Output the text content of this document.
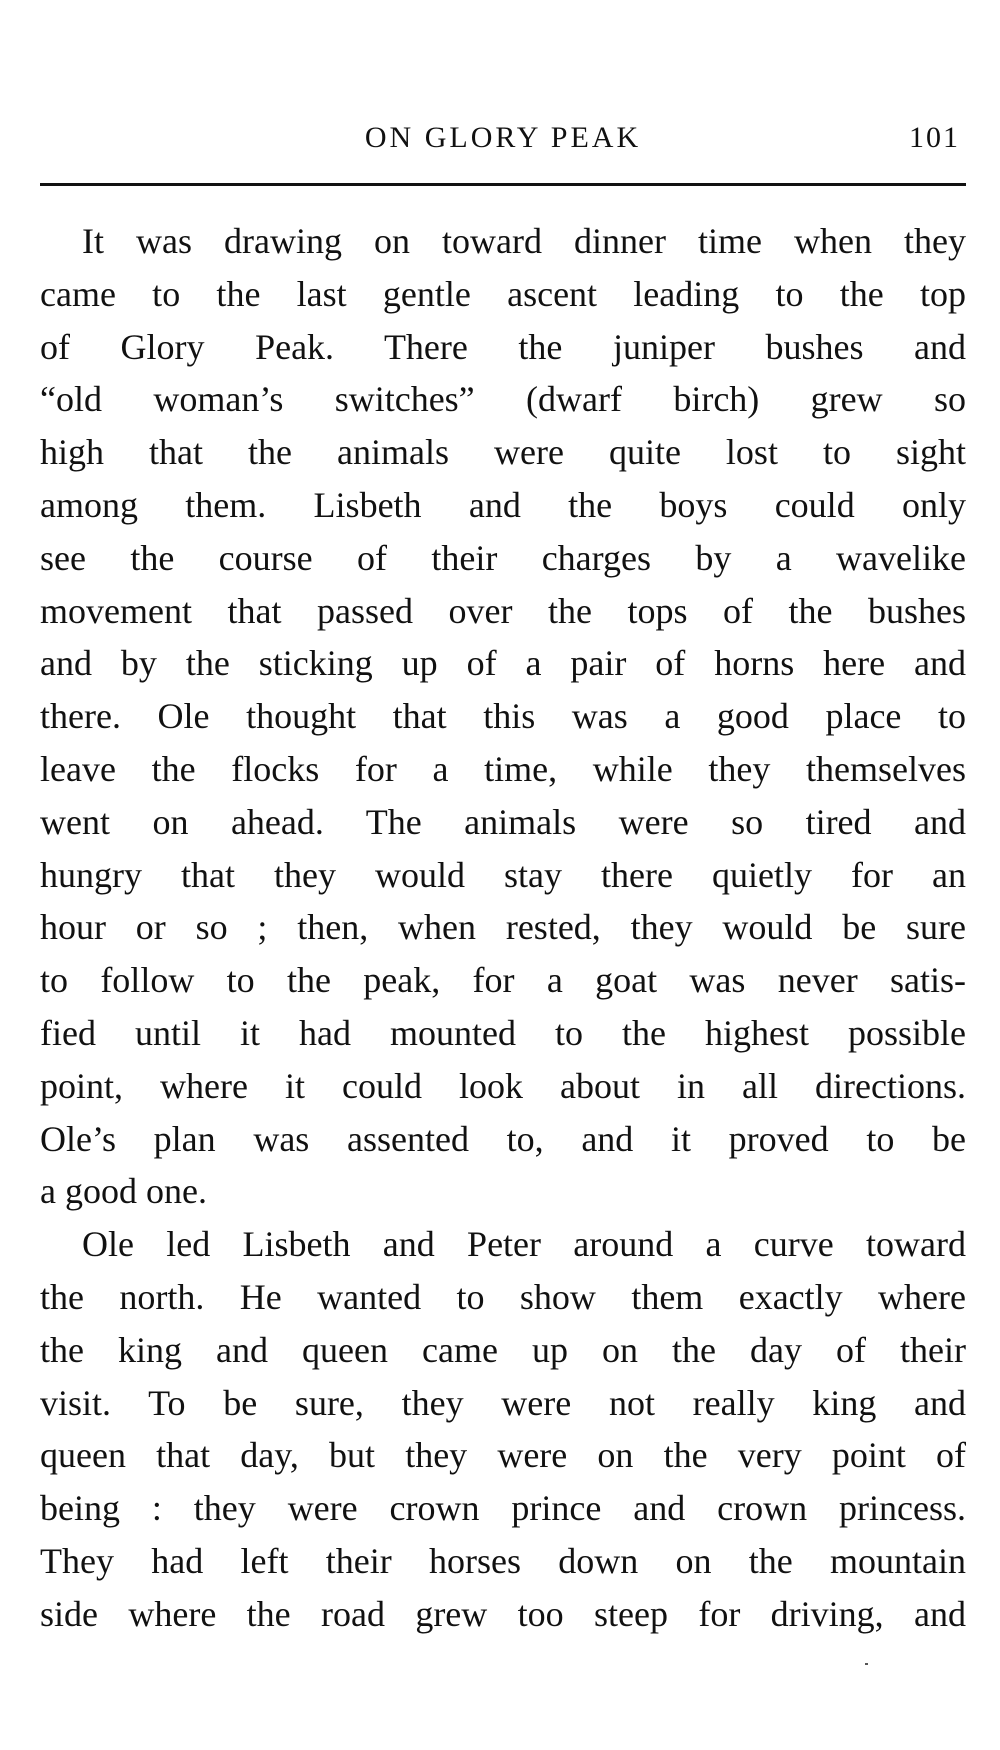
ON GLORY PEAK	101
It was drawing on toward dinner time when they
came to the last gentle ascent leading to the top
of Glory Peak. There the juniper bushes and
“old woman’s switches” (dwarf birch) grew so
high that the animals were quite lost to sight
among them. Lisbeth and the boys could only
see the course of their charges by a wavelike
movement that passed over the tops of the bushes
and by the sticking up of a pair of horns here and
there. Ole thought that this was a good place to
leave the flocks for a time, while they themselves
went on ahead. The animals were so tired and
hungry that they would stay there quietly for an
hour or so ; then, when rested, they would be sure
to follow to the peak, for a goat was never satis-
fied until it had mounted to the highest possible
point, where it could look about in all directions.
Ole’s plan was assented to, and it proved to be
a good one.
Ole led Lisbeth and Peter around a curve toward
the north. He wanted to show them exactly where
the king and queen came up on the day of their
visit. To be sure, they were not really king and
queen that day, but they were on the very point of
being : they were crown prince and crown princess.
They had left their horses down on the mountain
side where the road grew too steep for driving, and
